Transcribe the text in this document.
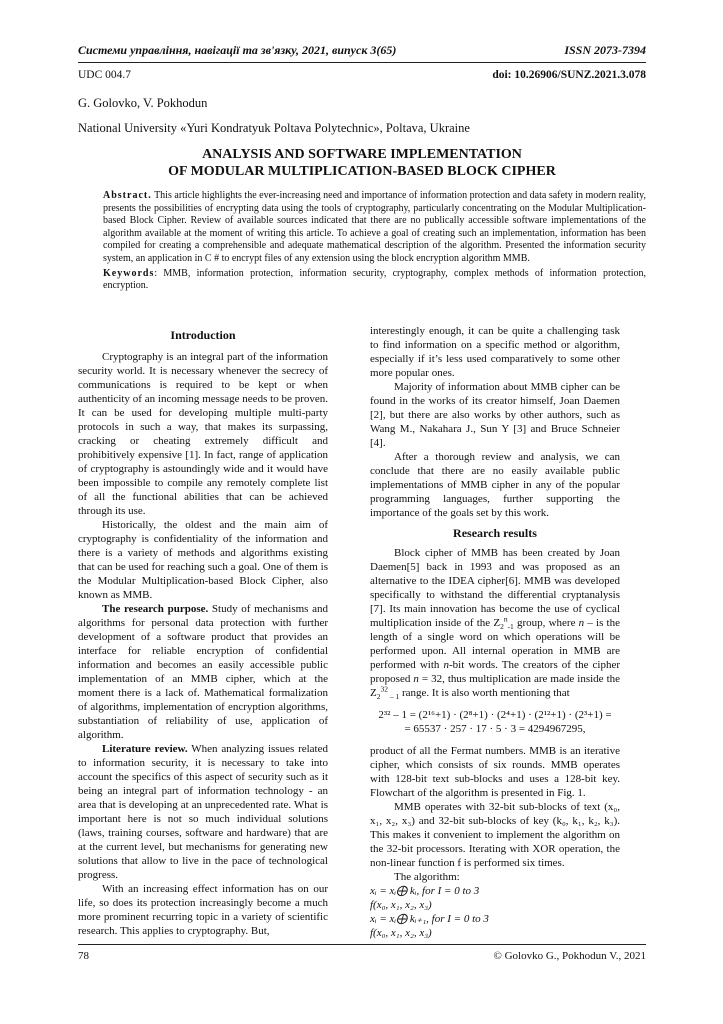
Системи управління, навігації та зв'язку, 2021, випуск 3(65)	ISSN 2073-7394
UDC 004.7	doi: 10.26906/SUNZ.2021.3.078
G. Golovko, V. Pokhodun
National University «Yuri Kondratyuk Poltava Polytechnic», Poltava, Ukraine
ANALYSIS AND SOFTWARE IMPLEMENTATION
OF MODULAR MULTIPLICATION-BASED BLOCK CIPHER
Abstract. This article highlights the ever-increasing need and importance of information protection and data safety in modern reality, presents the possibilities of encrypting data using the tools of cryptography, particularly concentrating on the Modular Multiplication-based Block Cipher. Review of available sources indicated that there are no publically accessible software implementations of the algorithm available at the moment of writing this article. To achieve a goal of creating such an implementation, information has been compiled for creating a comprehensible and adequate mathematical description of the algorithm. Presented the information security system, an application in C # to encrypt files of any extension using the block encryption algorithm MMB.
Keywords: MMB, information protection, information security, cryptography, complex methods of information protection, encryption.
Introduction

Cryptography is an integral part of the information security world. It is necessary whenever the secrecy of communications is required to be kept or when authenticity of an incoming message needs to be proven. It can be used for developing multiple multi-party protocols in such a way, that makes its surpassing, cracking or cheating extremely difficult and prohibitively expensive [1]. In fact, range of application of cryptography is astoundingly wide and it would have been impossible to compile any remotely complete list of all the functional abilities that can be achieved through its use.

Historically, the oldest and the main aim of cryptography is confidentiality of the information and there is a variety of methods and algorithms existing that can be used for reaching such a goal. One of them is the Modular Multiplication-based Block Cipher, also known as MMB.

The research purpose. Study of mechanisms and algorithms for personal data protection with further development of a software product that provides an interface for reliable encryption of confidential information and becomes an easily accessible public implementation of an MMB cipher, which at the moment there is a lack of. Mathematical formalization of algorithms, implementation of encryption algorithms, substantiation of reliability of use, application of algorithm.

Literature review. When analyzing issues related to information security, it is necessary to take into account the specifics of this aspect of security such as it being an integral part of information technology - an area that is developing at an unprecedented rate. What is important here is not so much individual solutions (laws, training courses, software and hardware) that are at the current level, but mechanisms for generating new solutions that allow to live in the pace of technological progress.

With an increasing effect information has on our life, so does its protection increasingly become a much more prominent recurring topic in a variety of scientific research. This applies to cryptography. But,

interestingly enough, it can be quite a challenging task to find information on a specific method or algorithm, especially if it’s less used comparatively to some other more popular ones.

Majority of information about MMB cipher can be found in the works of its creator himself, Joan Daemen [2], but there are also works by other authors, such as Wang M., Nakahara J., Sun Y [3] and Bruce Schneier [4].

After a thorough review and analysis, we can conclude that there are no easily available public implementations of MMB cipher in any of the popular programming languages, further supporting the importance of the goals set by this work.

Research results

Block cipher of MMB has been created by Joan Daemen[5] back in 1993 and was proposed as an alternative to the IDEA cipher[6]. MMB was developed specifically to withstand the differential cryptanalysis [7]. Its main innovation has become the use of cyclical multiplication inside of the $Z_2^n_{-1}$ group, where n – is the length of a single word on which operations will be performed upon. All internal operation in MMB are performed with n-bit words. The creators of the cipher proposed n = 32, thus multiplication are made inside the $Z_2^{32}$ $_{- 1}$ range. It is also worth mentioning that

2³² – 1 = (2¹⁶+1) · (2⁸+1) · (2⁴+1) · (2¹²+1) · (2³+1) =
= 65537 · 257 · 17 · 5 · 3 = 4294967295,

product of all the Fermat numbers. MMB is an iterative cipher, which consists of six rounds. MMB operates with 128-bit text sub-blocks and uses a 128-bit key. Flowchart of the algorithm is presented in Fig. 1.

MMB operates with 32-bit sub-blocks of text (x₀, x₁, x₂, x₃) and 32-bit sub-blocks of key (k₀, k₁, k₂, k₃). This makes it convenient to implement the algorithm on the 32-bit processors. Iterating with XOR operation, the non-linear function f is performed six times.

The algorithm:

xᵢ = xᵢ⨁ kᵢ, for I = 0 to 3

f(x₀, x₁, x₂, x₃)

xᵢ = xᵢ⨁ kᵢ₊₁, for I = 0 to 3

f(x₀, x₁, x₂, x₃)

78	© Golovko G., Pokhodun V., 2021
